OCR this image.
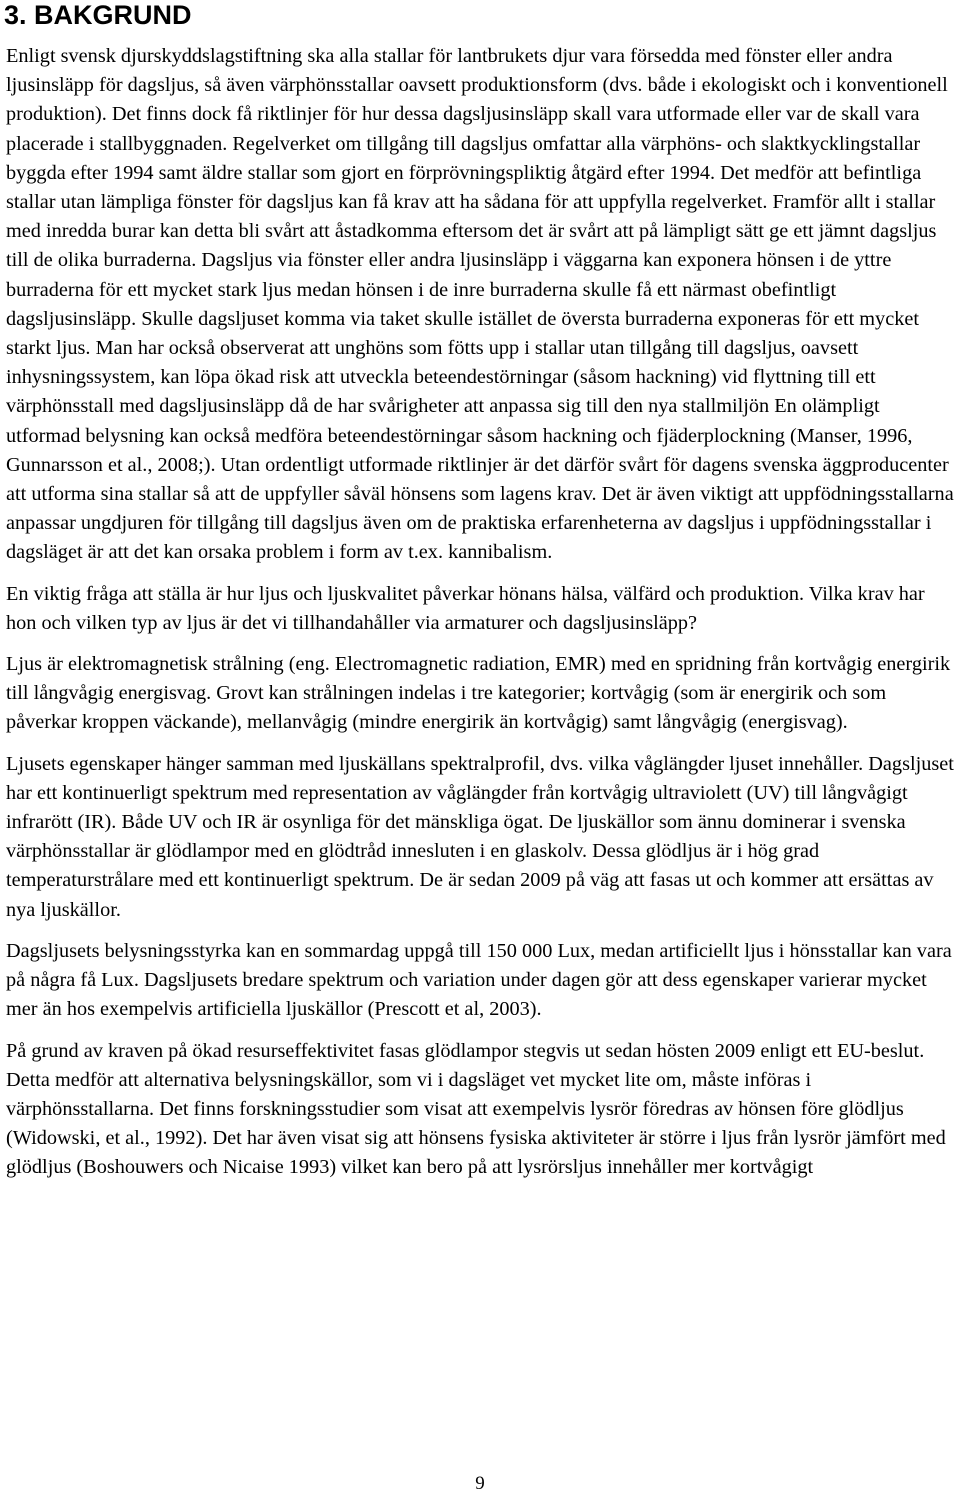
3. BAKGRUND

Enligt svensk djurskyddslagstiftning ska alla stallar för lantbrukets djur vara försedda med fönster eller andra ljusinsläpp för dagsljus, så även värphönsstallar oavsett produktionsform (dvs. både i ekologiskt och i konventionell produktion). Det finns dock få riktlinjer för hur dessa dagsljusinsläpp skall vara utformade eller var de skall vara placerade i stallbyggnaden. Regelverket om tillgång till dagsljus omfattar alla värphöns- och slaktkycklingstallar byggda efter 1994 samt äldre stallar som gjort en förprövningspliktig åtgärd efter 1994. Det medför att befintliga stallar utan lämpliga fönster för dagsljus kan få krav att ha sådana för att uppfylla regelverket. Framför allt i stallar med inredda burar kan detta bli svårt att åstadkomma eftersom det är svårt att på lämpligt sätt ge ett jämnt dagsljus till de olika burraderna. Dagsljus via fönster eller andra ljusinsläpp i väggarna kan exponera hönsen i de yttre burraderna för ett mycket stark ljus medan hönsen i de inre burraderna skulle få ett närmast obefintligt dagsljusinsläpp. Skulle dagsljuset komma via taket skulle istället de översta burraderna exponeras för ett mycket starkt ljus. Man har också observerat att unghöns som fötts upp i stallar utan tillgång till dagsljus, oavsett inhysningssystem, kan löpa ökad risk att utveckla beteendestörningar (såsom hackning) vid flyttning till ett värphönsstall med dagsljusinsläpp då de har svårigheter att anpassa sig till den nya stallmiljön En olämpligt utformad belysning kan också medföra beteendestörningar såsom hackning och fjäderplockning (Manser, 1996, Gunnarsson et al., 2008;). Utan ordentligt utformade riktlinjer är det därför svårt för dagens svenska äggproducenter att utforma sina stallar så att de uppfyller såväl hönsens som lagens krav. Det är även viktigt att uppfödningsstallarna anpassar ungdjuren för tillgång till dagsljus även om de praktiska erfarenheterna av dagsljus i uppfödningsstallar i dagsläget är att det kan orsaka problem i form av t.ex. kannibalism.

En viktig fråga att ställa är hur ljus och ljuskvalitet påverkar hönans hälsa, välfärd och produktion. Vilka krav har hon och vilken typ av ljus är det vi tillhandahåller via armaturer och dagsljusinsläpp?

Ljus är elektromagnetisk strålning (eng. Electromagnetic radiation, EMR) med en spridning från kortvågig energirik till långvågig energisvag. Grovt kan strålningen indelas i tre kategorier; kortvågig (som är energirik och som påverkar kroppen väckande), mellanvågig (mindre energirik än kortvågig) samt långvågig (energisvag).

Ljusets egenskaper hänger samman med ljuskällans spektralprofil, dvs. vilka våglängder ljuset innehåller. Dagsljuset har ett kontinuerligt spektrum med representation av våglängder från kortvågig ultraviolett (UV) till långvågigt infrarött (IR). Både UV och IR är osynliga för det mänskliga ögat. De ljuskällor som ännu dominerar i svenska värphönsstallar är glödlampor med en glödtråd innesluten i en glaskolv. Dessa glödljus är i hög grad temperaturstrålare med ett kontinuerligt spektrum. De är sedan 2009 på väg att fasas ut och kommer att ersättas av nya ljuskällor.

Dagsljusets belysningsstyrka kan en sommardag uppgå till 150 000 Lux, medan artificiellt ljus i hönsstallar kan vara på några få Lux. Dagsljusets bredare spektrum och variation under dagen gör att dess egenskaper varierar mycket mer än hos exempelvis artificiella ljuskällor (Prescott et al, 2003).

På grund av kraven på ökad resurseffektivitet fasas glödlampor stegvis ut sedan hösten 2009 enligt ett EU-beslut. Detta medför att alternativa belysningskällor, som vi i dagsläget vet mycket lite om, måste införas i värphönsstallarna. Det finns forskningsstudier som visat att exempelvis lysrör föredras av hönsen före glödljus (Widowski, et al., 1992). Det har även visat sig att hönsens fysiska aktiviteter är större i ljus från lysrör jämfört med glödljus (Boshouwers och Nicaise 1993) vilket kan bero på att lysrörsljus innehåller mer kortvågigt

9
